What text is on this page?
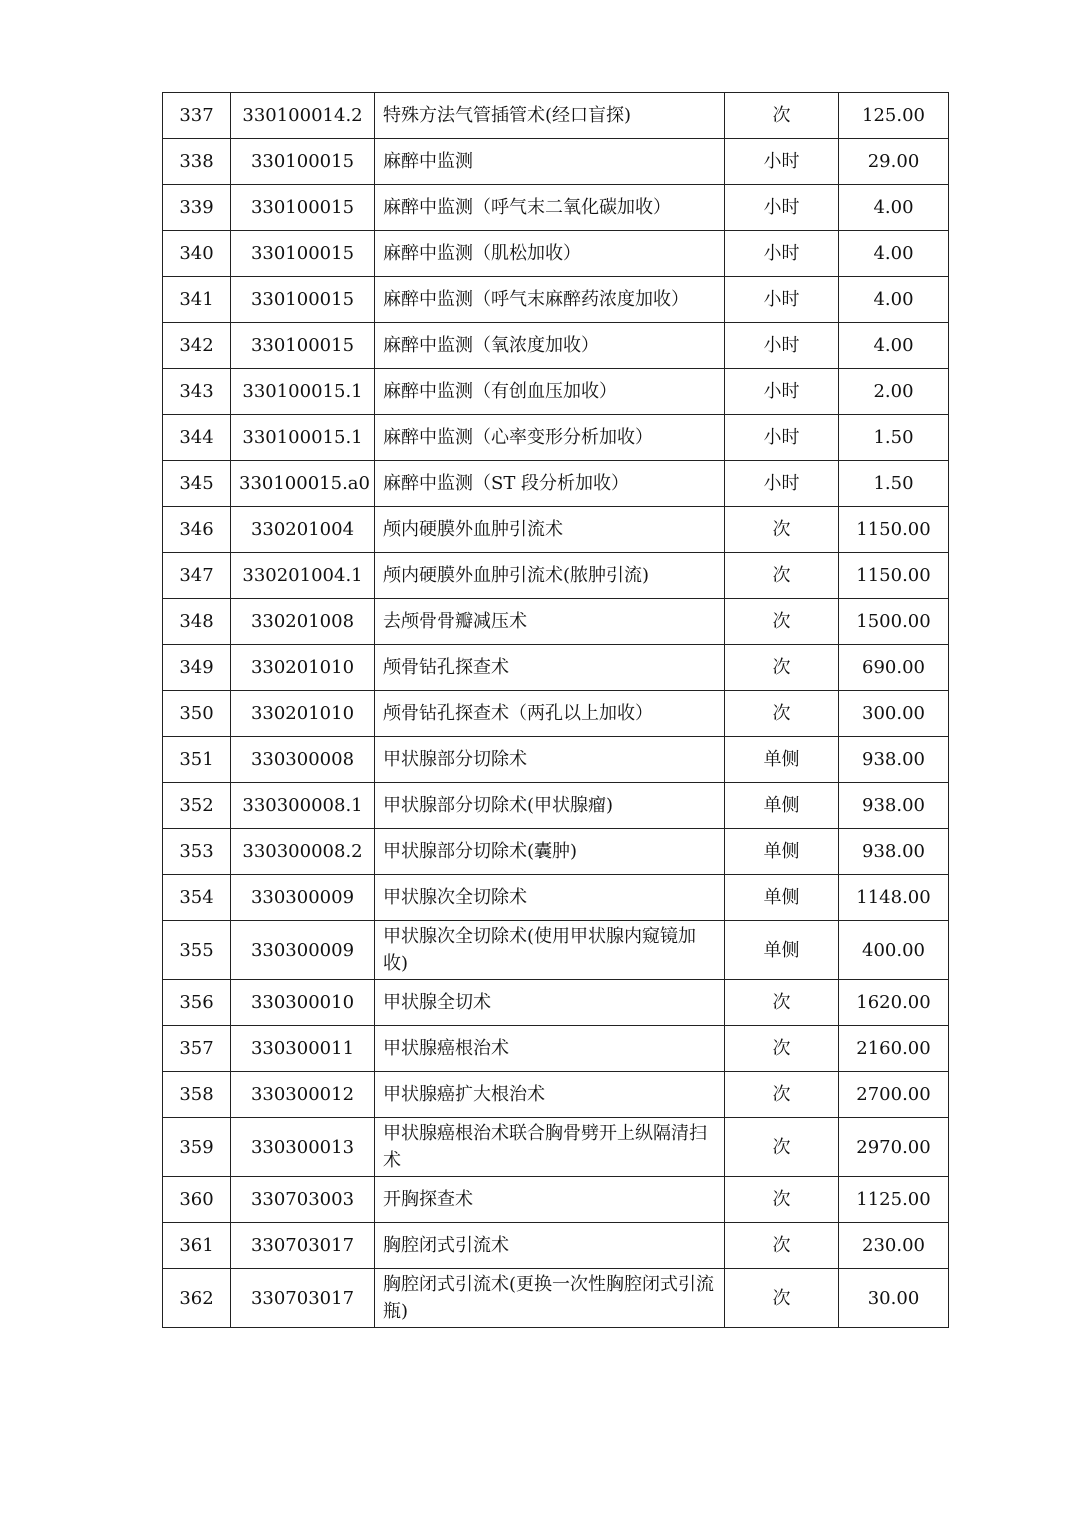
337	330100014.2	特殊方法气管插管术(经口盲探)	次	125.00
338	330100015	麻醉中监测	小时	29.00
339	330100015	麻醉中监测（呼气末二氧化碳加收）	小时	4.00
340	330100015	麻醉中监测（肌松加收）	小时	4.00
341	330100015	麻醉中监测（呼气末麻醉药浓度加收）	小时	4.00
342	330100015	麻醉中监测（氧浓度加收）	小时	4.00
343	330100015.1	麻醉中监测（有创血压加收）	小时	2.00
344	330100015.1	麻醉中监测（心率变形分析加收）	小时	1.50
345	330100015.a0	麻醉中监测（ST 段分析加收）	小时	1.50
346	330201004	颅内硬膜外血肿引流术	次	1150.00
347	330201004.1	颅内硬膜外血肿引流术(脓肿引流)	次	1150.00
348	330201008	去颅骨骨瓣减压术	次	1500.00
349	330201010	颅骨钻孔探查术	次	690.00
350	330201010	颅骨钻孔探查术（两孔以上加收）	次	300.00
351	330300008	甲状腺部分切除术	单侧	938.00
352	330300008.1	甲状腺部分切除术(甲状腺瘤)	单侧	938.00
353	330300008.2	甲状腺部分切除术(囊肿)	单侧	938.00
354	330300009	甲状腺次全切除术	单侧	1148.00
355	330300009	甲状腺次全切除术(使用甲状腺内窥镜加收)	单侧	400.00
356	330300010	甲状腺全切术	次	1620.00
357	330300011	甲状腺癌根治术	次	2160.00
358	330300012	甲状腺癌扩大根治术	次	2700.00
359	330300013	甲状腺癌根治术联合胸骨劈开上纵隔清扫术	次	2970.00
360	330703003	开胸探查术	次	1125.00
361	330703017	胸腔闭式引流术	次	230.00
362	330703017	胸腔闭式引流术(更换一次性胸腔闭式引流瓶)	次	30.00
